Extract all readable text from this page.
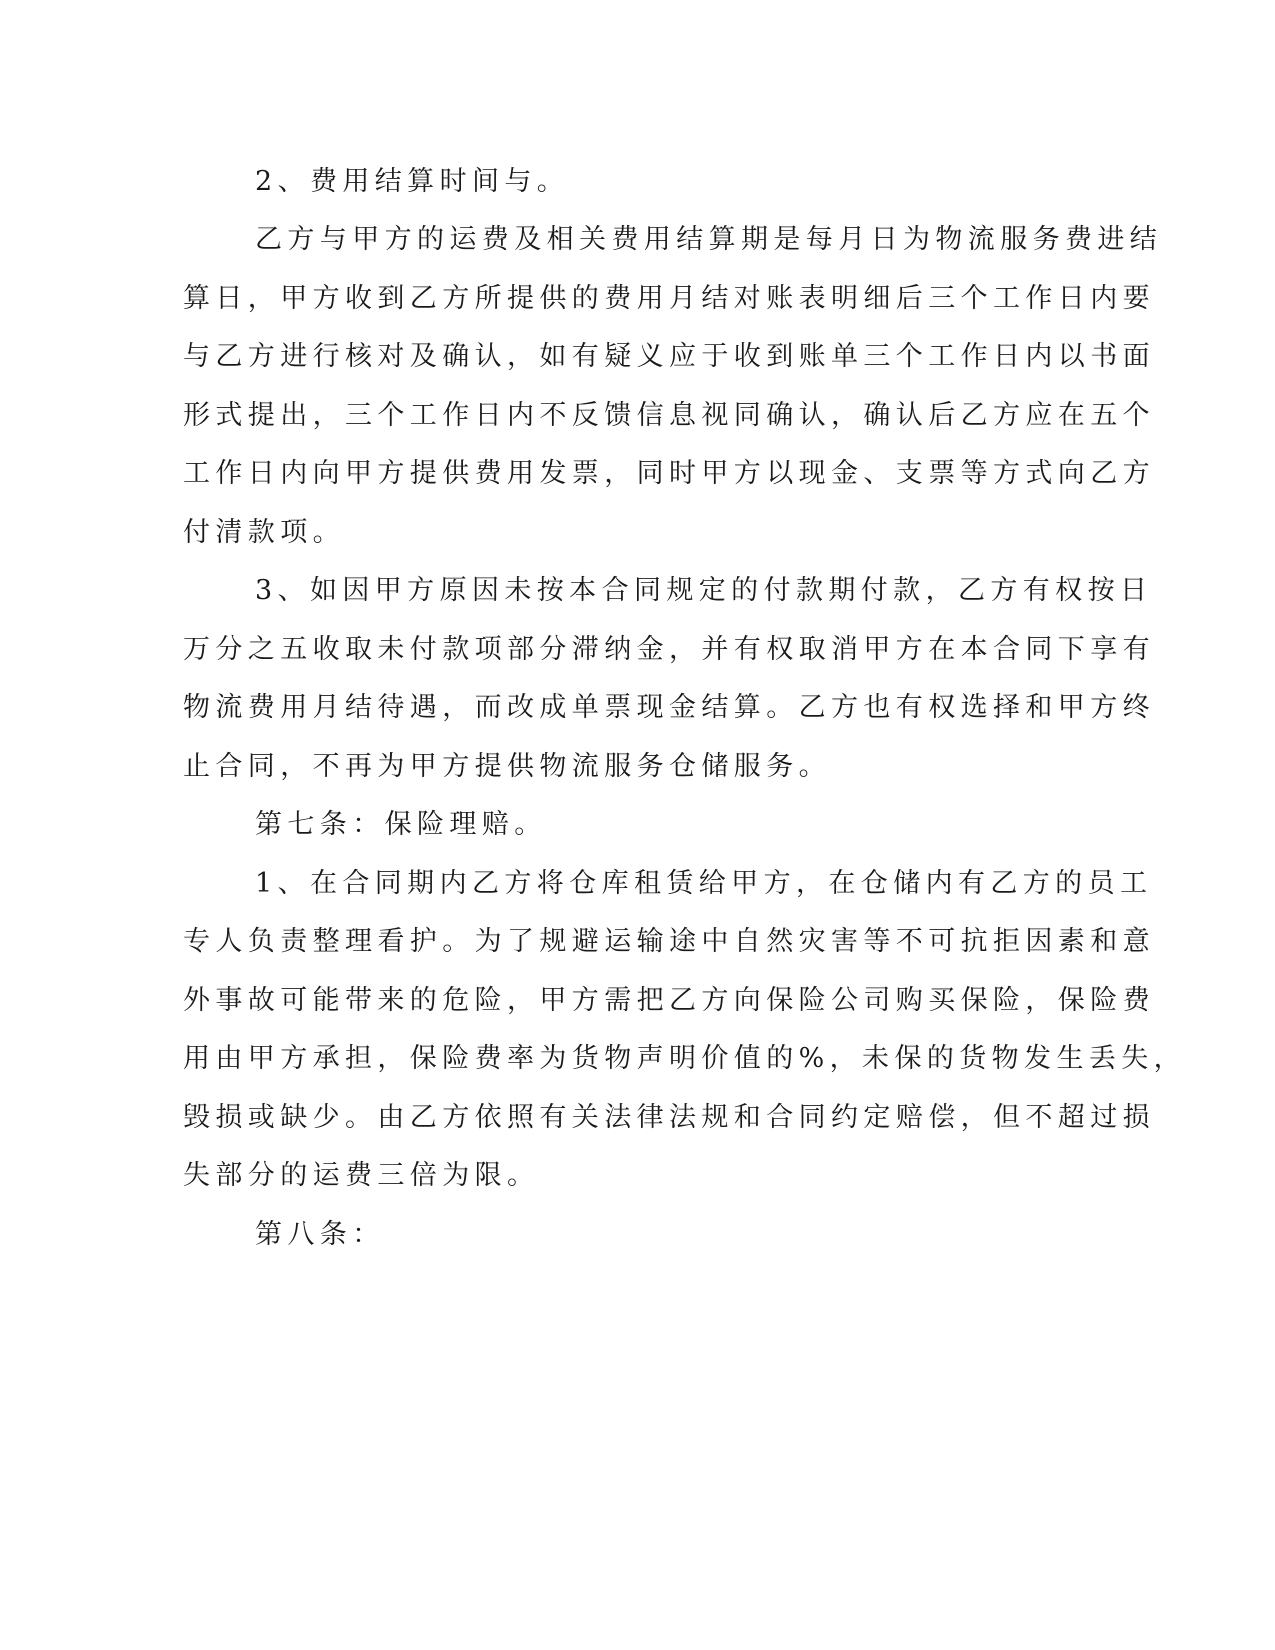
2、费用结算时间与。

乙方与甲方的运费及相关费用结算期是每月日为物流服务费进结

算日，甲方收到乙方所提供的费用月结对账表明细后三个工作日内要

与乙方进行核对及确认，如有疑义应于收到账单三个工作日内以书面

形式提出，三个工作日内不反馈信息视同确认，确认后乙方应在五个

工作日内向甲方提供费用发票，同时甲方以现金、支票等方式向乙方

付清款项。

3、如因甲方原因未按本合同规定的付款期付款，乙方有权按日

万分之五收取未付款项部分滞纳金，并有权取消甲方在本合同下享有

物流费用月结待遇，而改成单票现金结算。乙方也有权选择和甲方终

止合同，不再为甲方提供物流服务仓储服务。

第七条：保险理赔。

1、在合同期内乙方将仓库租赁给甲方，在仓储内有乙方的员工

专人负责整理看护。为了规避运输途中自然灾害等不可抗拒因素和意

外事故可能带来的危险，甲方需把乙方向保险公司购买保险，保险费

用由甲方承担，保险费率为货物声明价值的%，未保的货物发生丢失，

毁损或缺少。由乙方依照有关法律法规和合同约定赔偿，但不超过损

失部分的运费三倍为限。

第八条：
